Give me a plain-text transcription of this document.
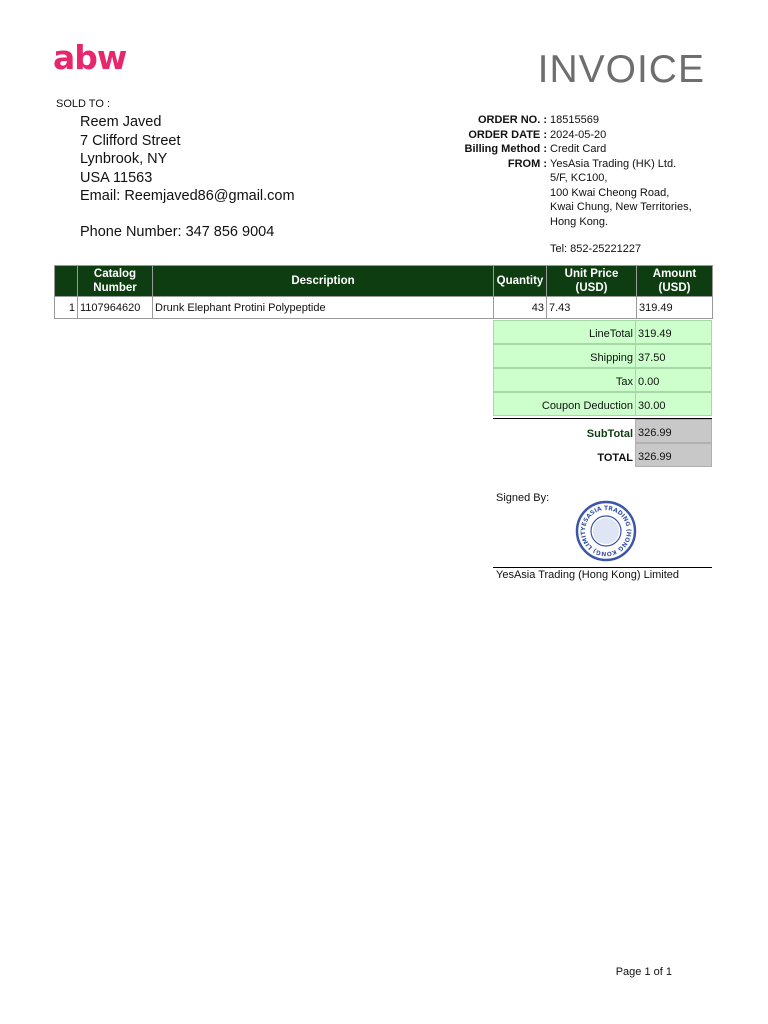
abw	INVOICE
SOLD TO :
Reem Javed
7 Clifford Street
Lynbrook, NY
USA 11563
Email: Reemjaved86@gmail.com
Phone Number: 347 856 9004
ORDER NO. : 18515569
ORDER DATE : 2024-05-20
Billing Method : Credit Card
FROM : YesAsia Trading (HK) Ltd.
5/F, KC100,
100 Kwai Cheong Road,
Kwai Chung, New Territories,
Hong Kong.
Tel: 852-25221227
	Catalog Number	Description	Quantity	Unit Price (USD)	Amount (USD)
1	1107964620	Drunk Elephant Protini Polypeptide	43	7.43	319.49
LineTotal 319.49
Shipping 37.50
Tax 0.00
Coupon Deduction 30.00
SubTotal 326.99
TOTAL 326.99
Signed By:
YESASIA TRADING (HONG KONG) LIMIT
YesAsia Trading (Hong Kong) Limited
Page 1 of 1
